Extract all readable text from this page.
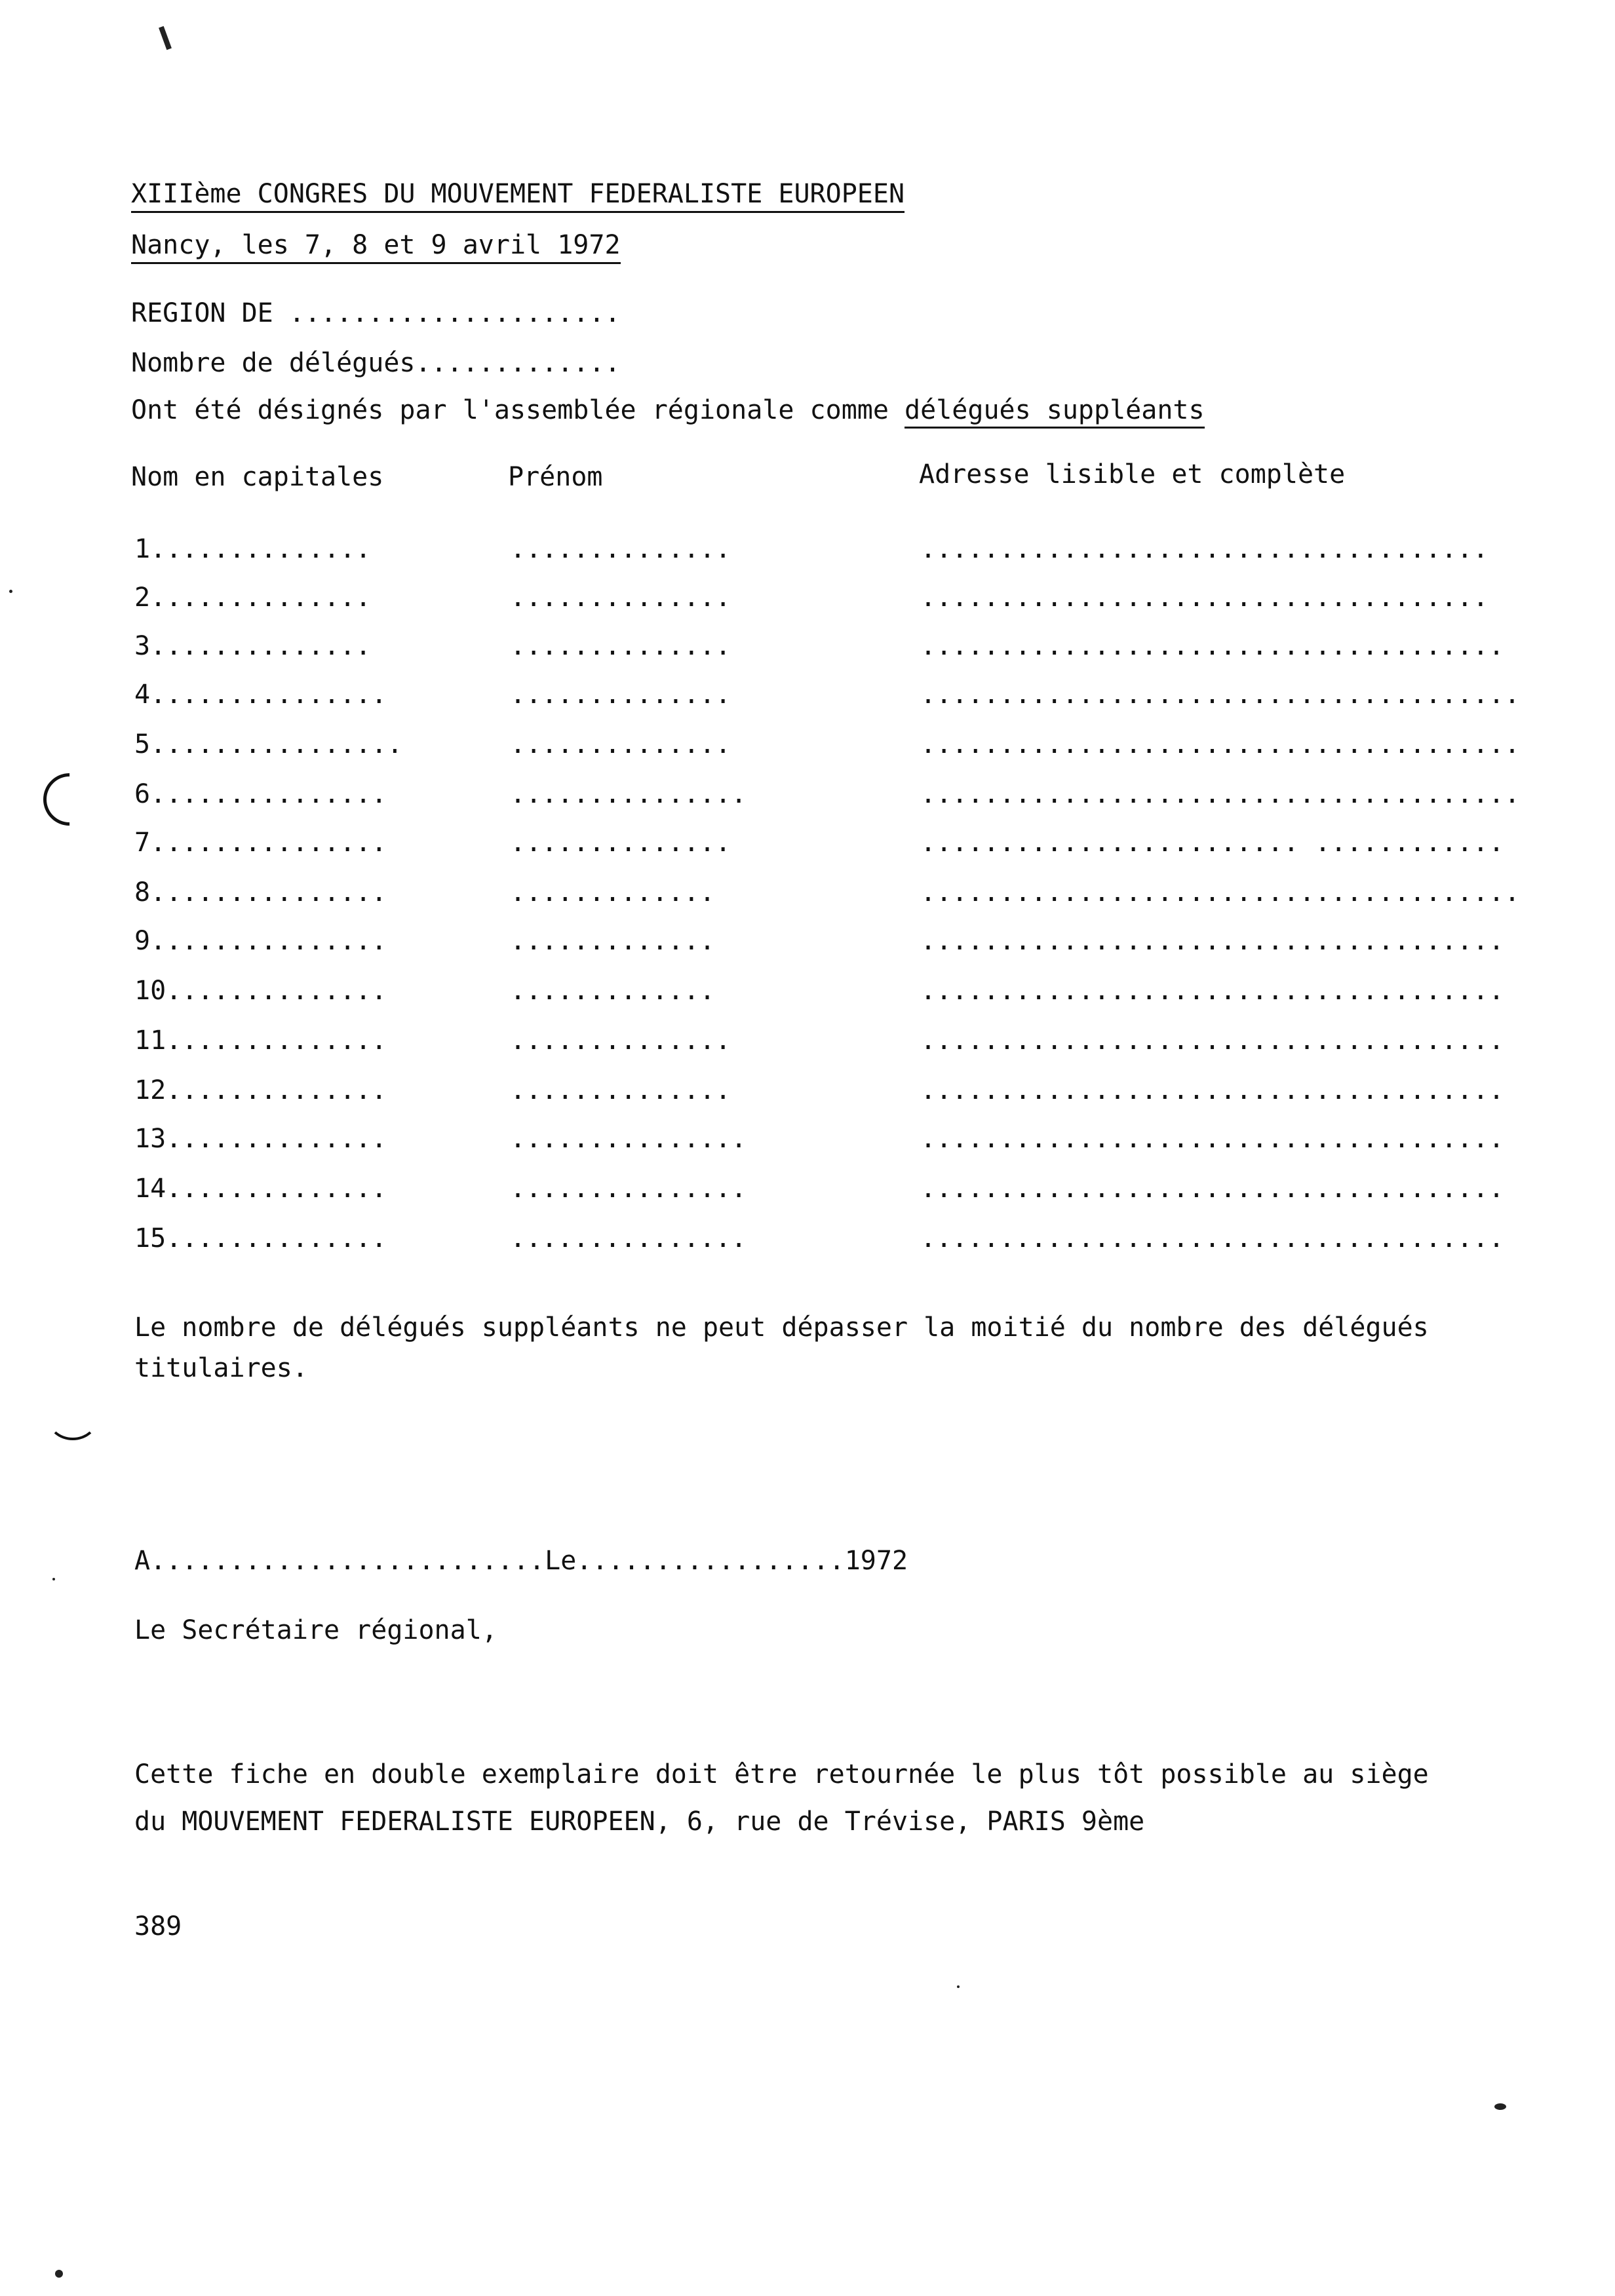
XIIIème CONGRES DU MOUVEMENT FEDERALISTE EUROPEEN
Nancy, les 7, 8 et 9 avril 1972
REGION DE .....................
Nombre de délégués.............
Ont été désignés par l'assemblée régionale comme délégués suppléants
Nom en capitales	Prénom	Adresse lisible et complète
1..............	..............	....................................
2..............	..............	....................................
3..............	..............	.....................................
4...............	..............	......................................
5................	..............	......................................
6...............	...............	......................................
7...............	..............	........................ ............
8...............	.............	......................................
9...............	.............	.....................................
10..............	.............	.....................................
11..............	..............	.....................................
12..............	..............	.....................................
13..............	...............	.....................................
14..............	...............	.....................................
15..............	...............	.....................................
Le nombre de délégués suppléants ne peut dépasser la moitié du nombre des délégués
titulaires.
A.........................Le.................1972
Le Secrétaire régional,
Cette fiche en double exemplaire doit être retournée le plus tôt possible au siège
du MOUVEMENT FEDERALISTE EUROPEEN, 6, rue de Trévise, PARIS 9ème
389
